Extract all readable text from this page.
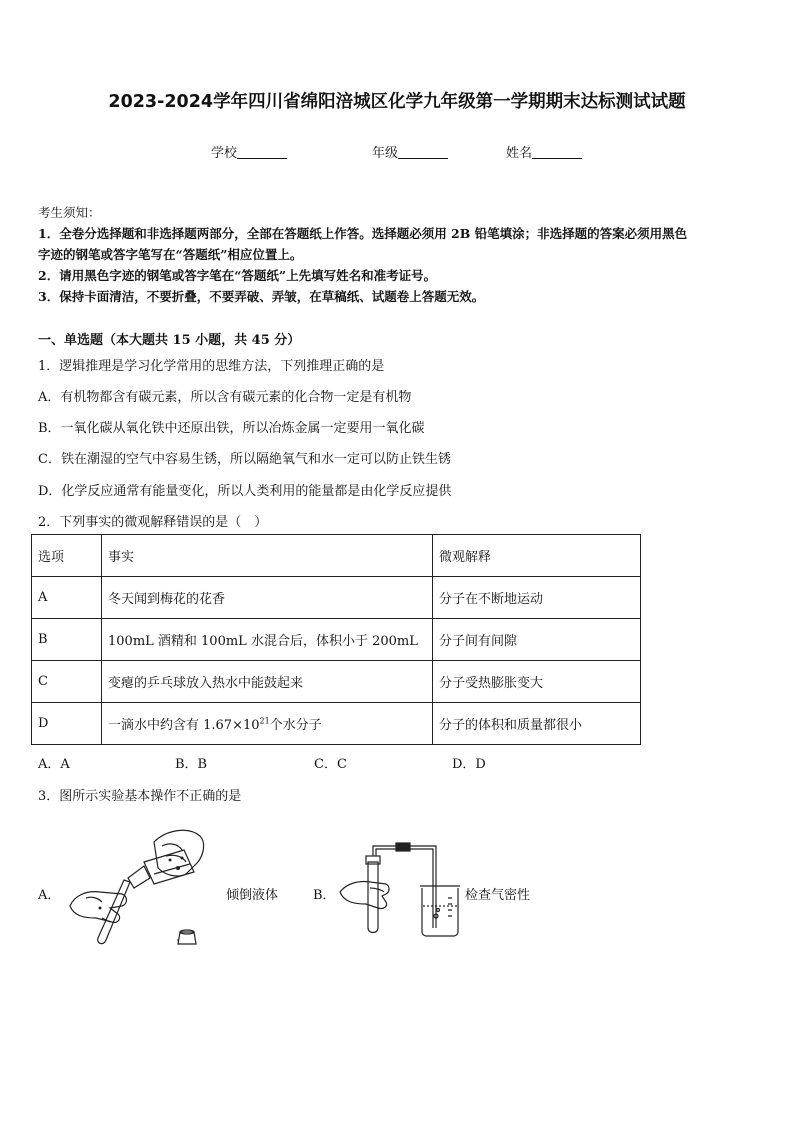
2023-2024学年四川省绵阳涪城区化学九年级第一学期期末达标测试试题
学校	年级	姓名
考生须知：
1．全卷分选择题和非选择题两部分，全部在答题纸上作答。选择题必须用 2B 铅笔填涂；非选择题的答案必须用黑色
字迹的钢笔或答字笔写在“答题纸”相应位置上。
2．请用黑色字迹的钢笔或答字笔在“答题纸”上先填写姓名和准考证号。
3．保持卡面清洁，不要折叠，不要弄破、弄皱，在草稿纸、试题卷上答题无效。
一、单选题（本大题共 15 小题，共 45 分）
1．逻辑推理是学习化学常用的思维方法，下列推理正确的是
A．有机物都含有碳元素，所以含有碳元素的化合物一定是有机物
B．一氧化碳从氧化铁中还原出铁，所以冶炼金属一定要用一氧化碳
C．铁在潮湿的空气中容易生锈，所以隔絶氧气和水一定可以防止铁生锈
D．化学反应通常有能量变化，所以人类利用的能量都是由化学反应提供
2．下列事实的微观解释错误的是（　）
选项	事实	微观解释
A	冬天闻到梅花的花香	分子在不断地运动
B	100mL 酒精和 100mL 水混合后，体积小于 200mL	分子间有间隙
C	变瘪的乒乓球放入热水中能鼓起来	分子受热膨胀变大
D	一滴水中约含有 $1.67\times 10^{21}$个水分子	分子的体积和质量都很小
A．A	B．B	C．C	D．D
3．图所示实验基本操作不正确的是
A．	倾倒液体	B．	检查气密性
